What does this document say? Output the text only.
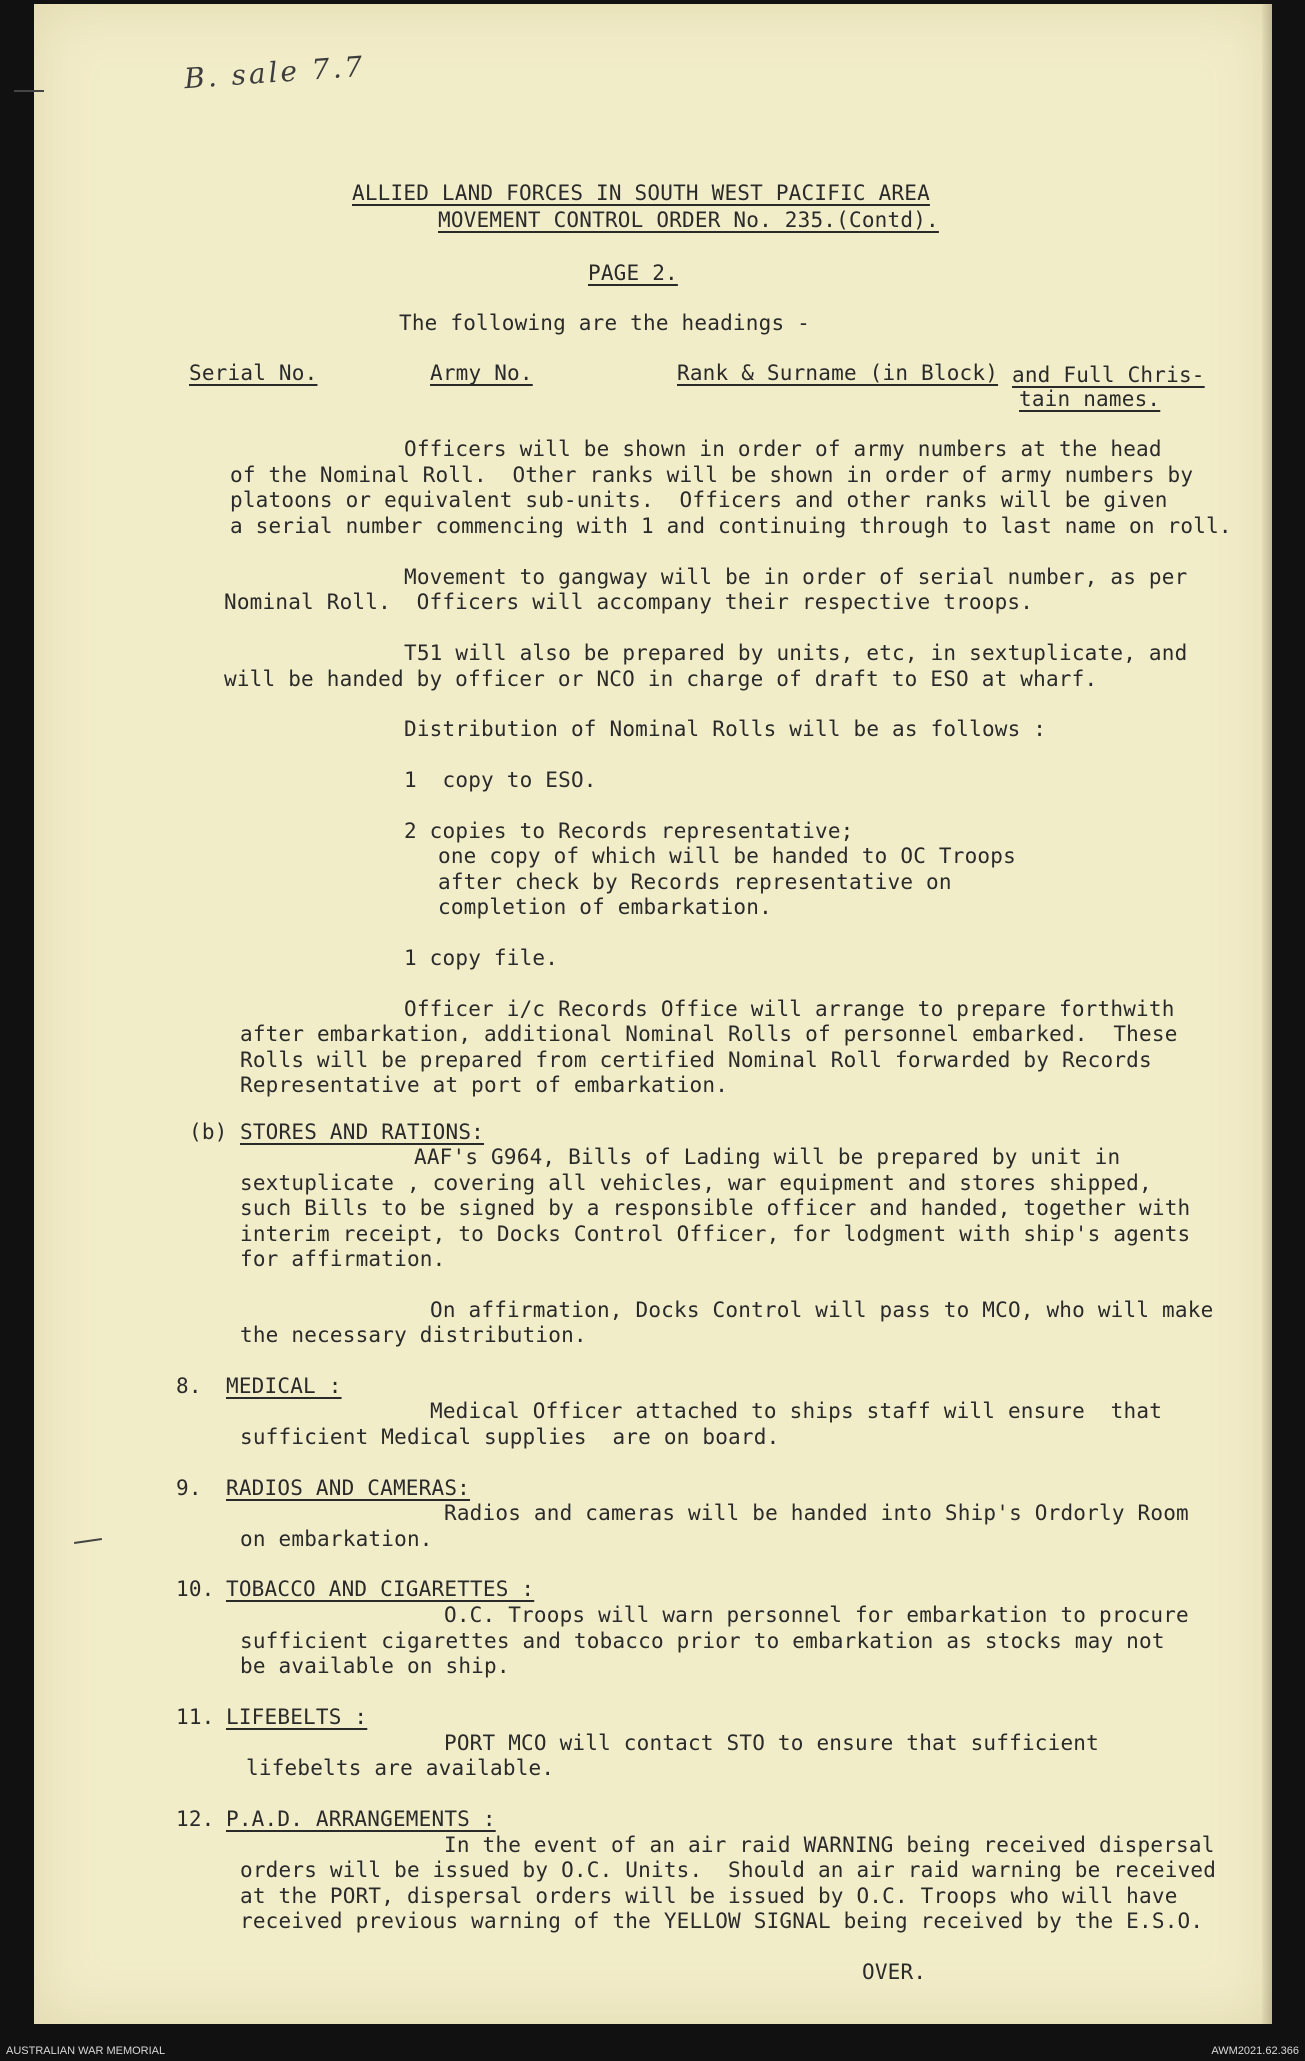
B. sale 7.7
ALLIED LAND FORCES IN SOUTH WEST PACIFIC AREA
MOVEMENT CONTROL ORDER No. 235.(Contd).
PAGE 2.
The following are the headings -
Serial No.	Army No.	Rank & Surname (in Block) and Full Chris-
tain names.
Officers will be shown in order of army numbers at the head
of the Nominal Roll.  Other ranks will be shown in order of army numbers by
platoons or equivalent sub-units.  Officers and other ranks will be given
a serial number commencing with 1 and continuing through to last name on roll.
Movement to gangway will be in order of serial number, as per
Nominal Roll.  Officers will accompany their respective troops.
T51 will also be prepared by units, etc, in sextuplicate, and
will be handed by officer or NCO in charge of draft to ESO at wharf.
Distribution of Nominal Rolls will be as follows :
1  copy to ESO.
2 copies to Records representative;
one copy of which will be handed to OC Troops
after check by Records representative on
completion of embarkation.
1 copy file.
Officer i/c Records Office will arrange to prepare forthwith
after embarkation, additional Nominal Rolls of personnel embarked.  These
Rolls will be prepared from certified Nominal Roll forwarded by Records
Representative at port of embarkation.
(b) STORES AND RATIONS:
AAF's G964, Bills of Lading will be prepared by unit in
sextuplicate , covering all vehicles, war equipment and stores shipped,
such Bills to be signed by a responsible officer and handed, together with
interim receipt, to Docks Control Officer, for lodgment with ship's agents
for affirmation.
On affirmation, Docks Control will pass to MCO, who will make
the necessary distribution.
8. MEDICAL :
Medical Officer attached to ships staff will ensure  that
sufficient Medical supplies  are on board.
9. RADIOS AND CAMERAS:
Radios and cameras will be handed into Ship's Ordorly Room
on embarkation.
10. TOBACCO AND CIGARETTES :
O.C. Troops will warn personnel for embarkation to procure
sufficient cigarettes and tobacco prior to embarkation as stocks may not
be available on ship.
11. LIFEBELTS :
PORT MCO will contact STO to ensure that sufficient
lifebelts are available.
12. P.A.D. ARRANGEMENTS :
In the event of an air raid WARNING being received dispersal
orders will be issued by O.C. Units.  Should an air raid warning be received
at the PORT, dispersal orders will be issued by O.C. Troops who will have
received previous warning of the YELLOW SIGNAL being received by the E.S.O.
OVER.
AUSTRALIAN WAR MEMORIAL	AWM2021.62.366
